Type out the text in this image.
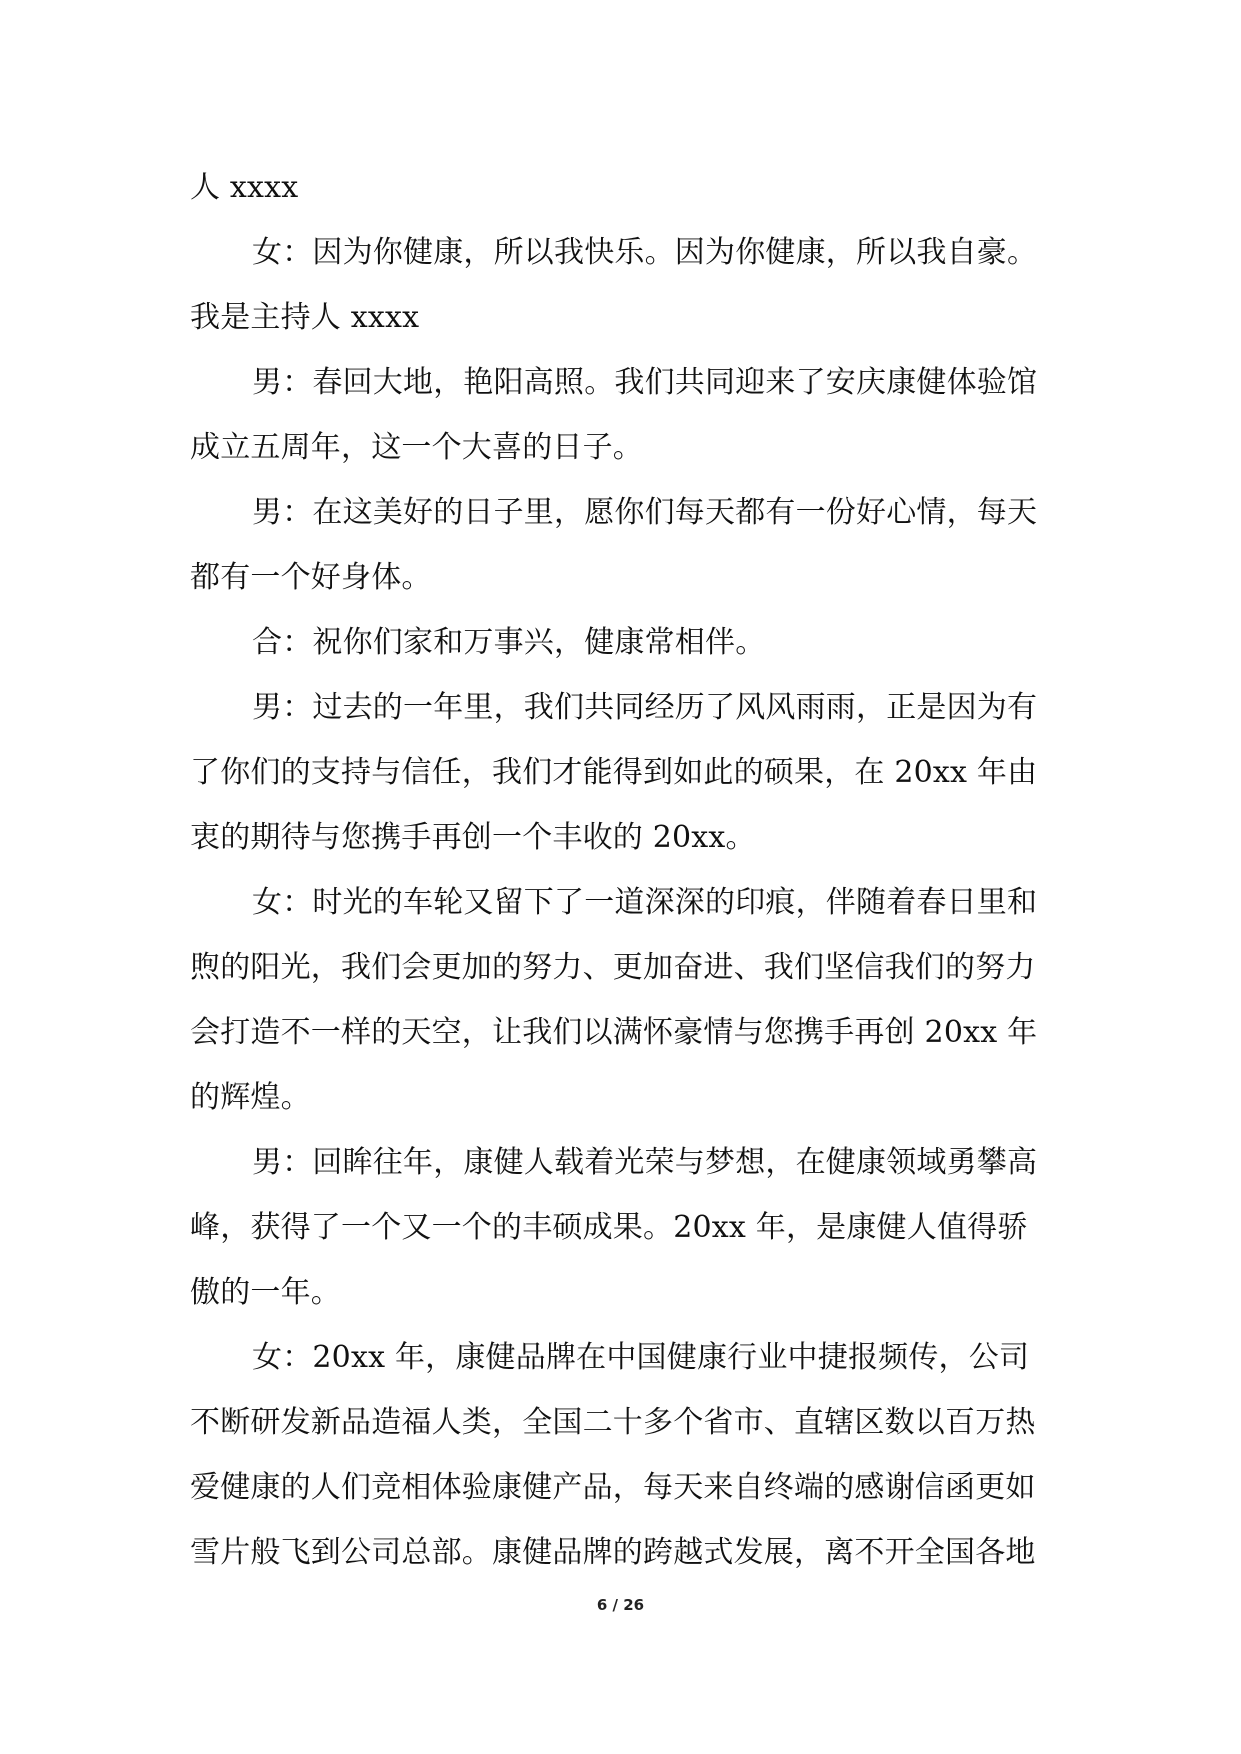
人 xxxx
女：因为你健康，所以我快乐。因为你健康，所以我自豪。
我是主持人 xxxx
男：春回大地，艳阳高照。我们共同迎来了安庆康健体验馆
成立五周年，这一个大喜的日子。
男：在这美好的日子里，愿你们每天都有一份好心情，每天
都有一个好身体。
合：祝你们家和万事兴，健康常相伴。
男：过去的一年里，我们共同经历了风风雨雨，正是因为有
了你们的支持与信任，我们才能得到如此的硕果，在 20xx 年由
衷的期待与您携手再创一个丰收的 20xx。
女：时光的车轮又留下了一道深深的印痕，伴随着春日里和
煦的阳光，我们会更加的努力、更加奋进、我们坚信我们的努力
会打造不一样的天空，让我们以满怀豪情与您携手再创 20xx 年
的辉煌。
男：回眸往年，康健人载着光荣与梦想，在健康领域勇攀高
峰，获得了一个又一个的丰硕成果。20xx 年，是康健人值得骄
傲的一年。
女：20xx 年，康健品牌在中国健康行业中捷报频传，公司
不断研发新品造福人类，全国二十多个省市、直辖区数以百万热
爱健康的人们竞相体验康健产品，每天来自终端的感谢信函更如
雪片般飞到公司总部。康健品牌的跨越式发展，离不开全国各地
6 / 26
